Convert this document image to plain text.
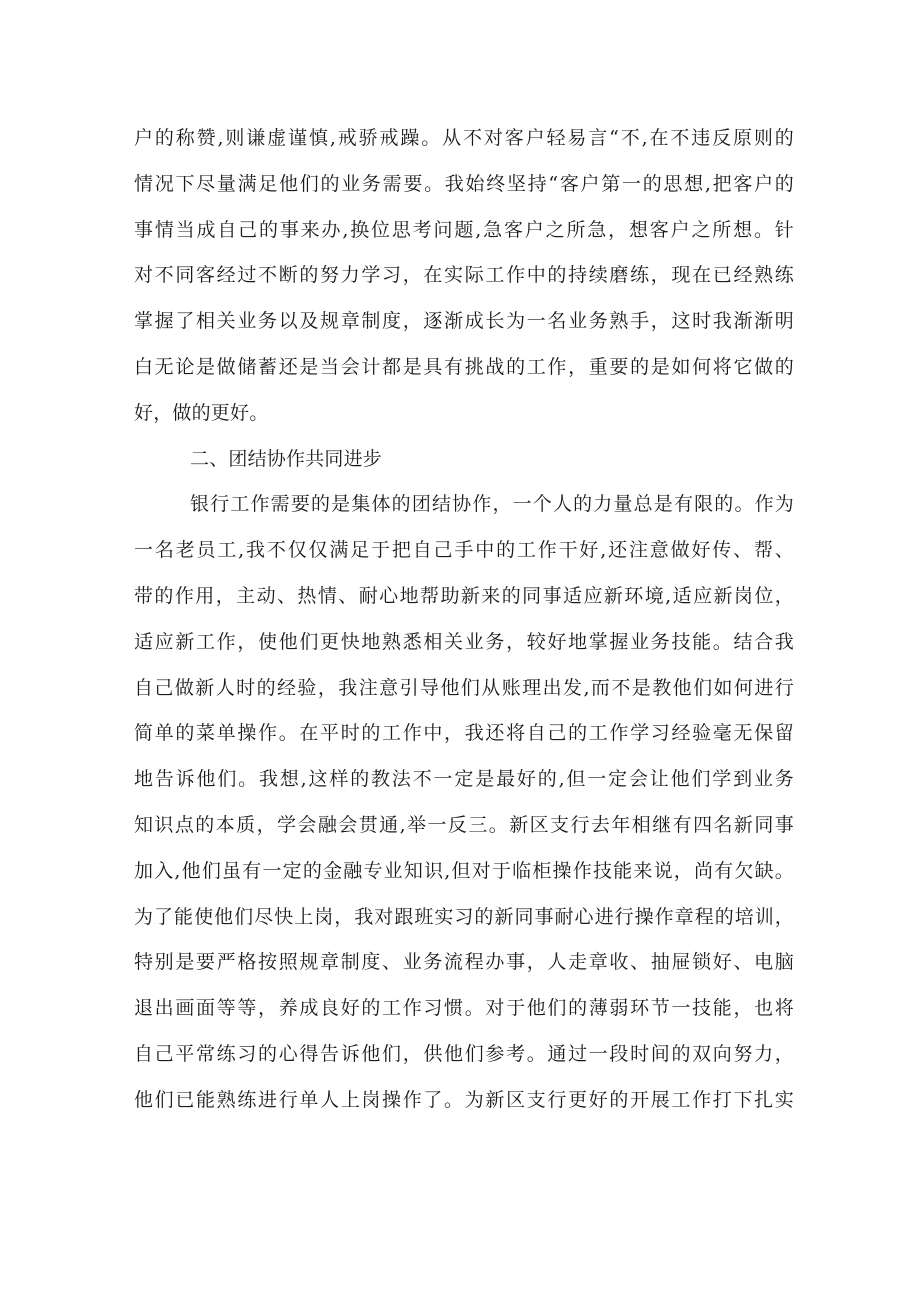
户的称赞,则谦虚谨慎,戒骄戒躁。从不对客户轻易言“不,在不违反原则的
情况下尽量满足他们的业务需要。我始终坚持“客户第一的思想,把客户的
事情当成自己的事来办,换位思考问题,急客户之所急，想客户之所想。针
对不同客经过不断的努力学习，在实际工作中的持续磨练，现在已经熟练
掌握了相关业务以及规章制度，逐渐成长为一名业务熟手，这时我渐渐明
白无论是做储蓄还是当会计都是具有挑战的工作，重要的是如何将它做的
好，做的更好。
二、团结协作共同进步
银行工作需要的是集体的团结协作，一个人的力量总是有限的。作为
一名老员工,我不仅仅满足于把自己手中的工作干好,还注意做好传、帮、
带的作用，主动、热情、耐心地帮助新来的同事适应新环境,适应新岗位，
适应新工作，使他们更快地熟悉相关业务，较好地掌握业务技能。结合我
自己做新人时的经验，我注意引导他们从账理出发,而不是教他们如何进行
简单的菜单操作。在平时的工作中，我还将自己的工作学习经验毫无保留
地告诉他们。我想,这样的教法不一定是最好的,但一定会让他们学到业务
知识点的本质，学会融会贯通,举一反三。新区支行去年相继有四名新同事
加入,他们虽有一定的金融专业知识,但对于临柜操作技能来说，尚有欠缺。
为了能使他们尽快上岗，我对跟班实习的新同事耐心进行操作章程的培训，
特别是要严格按照规章制度、业务流程办事，人走章收、抽屉锁好、电脑
退出画面等等，养成良好的工作习惯。对于他们的薄弱环节一技能，也将
自己平常练习的心得告诉他们，供他们参考。通过一段时间的双向努力，
他们已能熟练进行单人上岗操作了。为新区支行更好的开展工作打下扎实
